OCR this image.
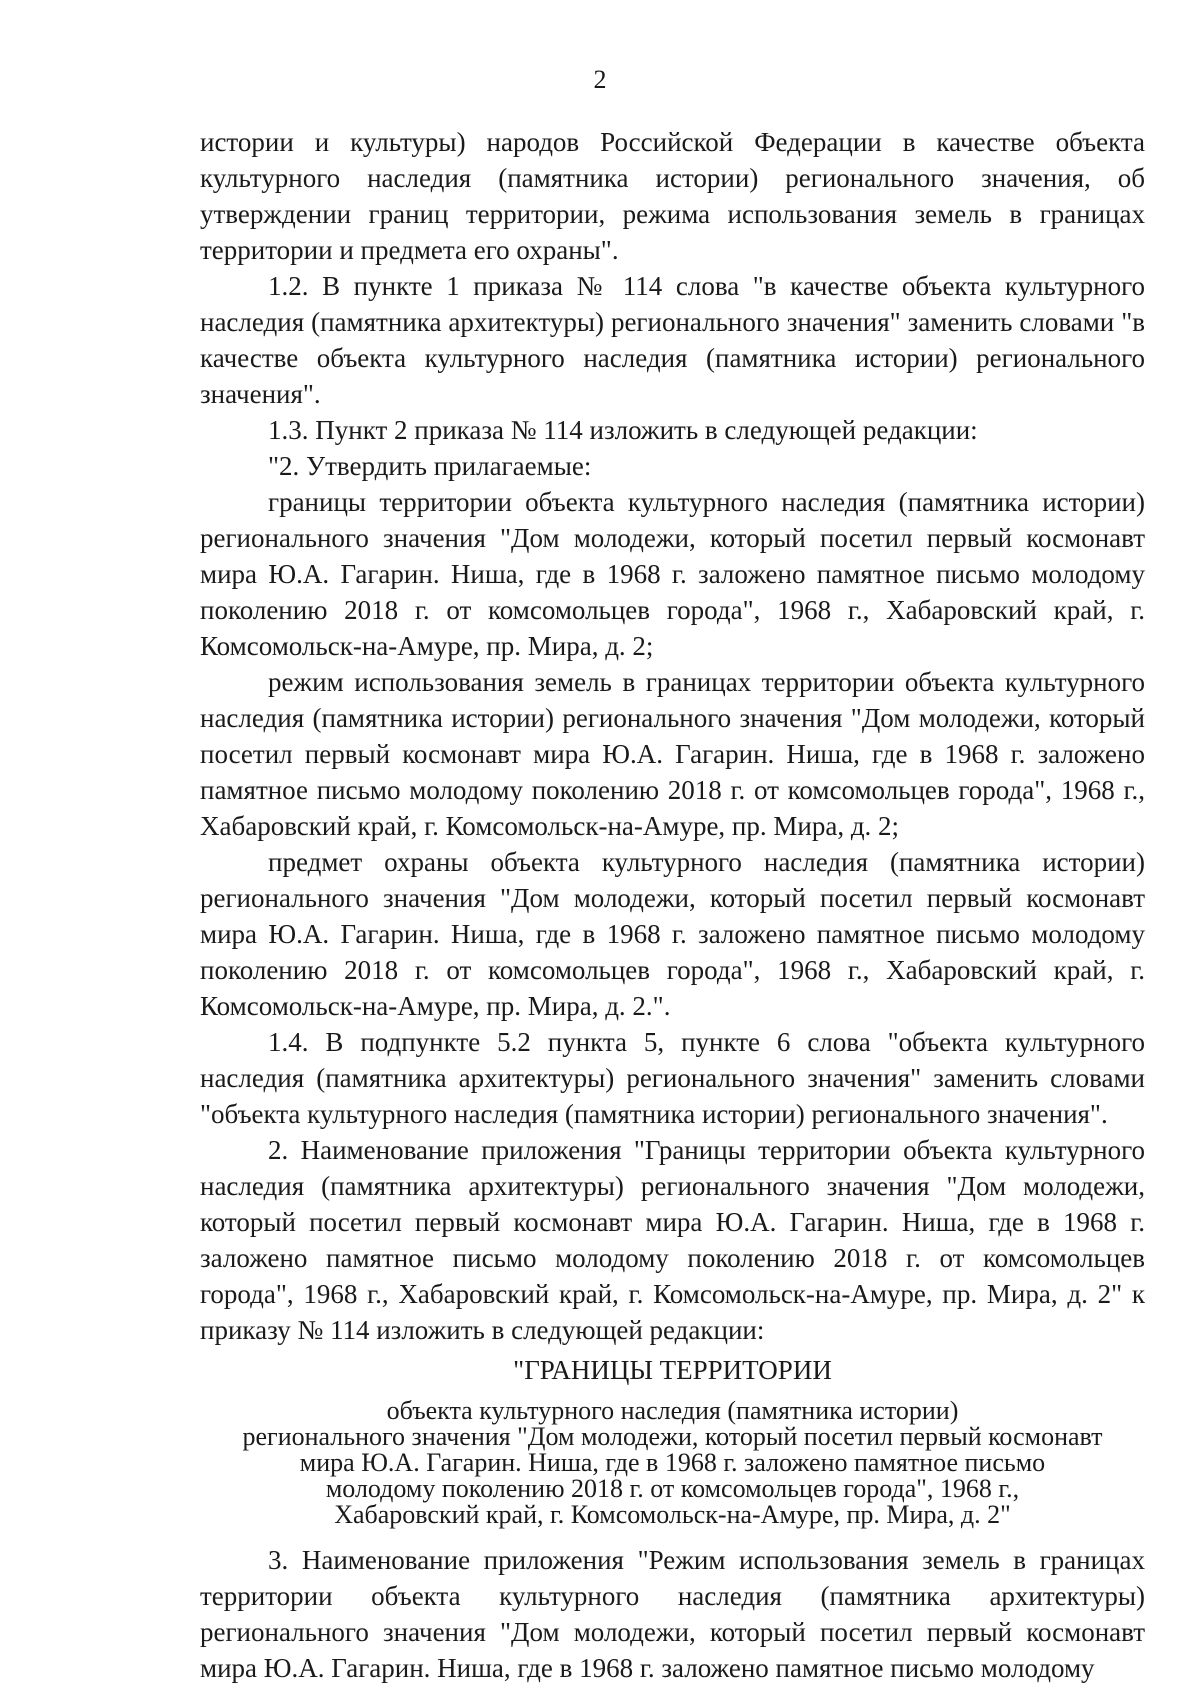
2

истории и культуры) народов Российской Федерации в качестве объекта культурного наследия (памятника истории) регионального значения, об утверждении границ территории, режима использования земель в границах территории и предмета его охраны".

1.2. В пункте 1 приказа № 114 слова "в качестве объекта культурного наследия (памятника архитектуры) регионального значения" заменить словами "в качестве объекта культурного наследия (памятника истории) регионального значения".

1.3. Пункт 2 приказа № 114 изложить в следующей редакции:

"2. Утвердить прилагаемые:

границы территории объекта культурного наследия (памятника истории) регионального значения "Дом молодежи, который посетил первый космонавт мира Ю.А. Гагарин. Ниша, где в 1968 г. заложено памятное письмо молодому поколению 2018 г. от комсомольцев города", 1968 г., Хабаровский край, г. Комсомольск-на-Амуре, пр. Мира, д. 2;

режим использования земель в границах территории объекта культурного наследия (памятника истории) регионального значения "Дом молодежи, который посетил первый космонавт мира Ю.А. Гагарин. Ниша, где в 1968 г. заложено памятное письмо молодому поколению 2018 г. от комсомольцев города", 1968 г., Хабаровский край, г. Комсомольск-на-Амуре, пр. Мира, д. 2;

предмет охраны объекта культурного наследия (памятника истории) регионального значения "Дом молодежи, который посетил первый космонавт мира Ю.А. Гагарин. Ниша, где в 1968 г. заложено памятное письмо молодому поколению 2018 г. от комсомольцев города", 1968 г., Хабаровский край, г. Комсомольск-на-Амуре, пр. Мира, д. 2.".

1.4. В подпункте 5.2 пункта 5, пункте 6 слова "объекта культурного наследия (памятника архитектуры) регионального значения" заменить словами "объекта культурного наследия (памятника истории) регионального значения".

2. Наименование приложения "Границы территории объекта культурного наследия (памятника архитектуры) регионального значения "Дом молодежи, который посетил первый космонавт мира Ю.А. Гагарин. Ниша, где в 1968 г. заложено памятное письмо молодому поколению 2018 г. от комсомольцев города", 1968 г., Хабаровский край, г. Комсомольск-на-Амуре, пр. Мира, д. 2" к приказу № 114 изложить в следующей редакции:

"ГРАНИЦЫ ТЕРРИТОРИИ
объекта культурного наследия (памятника истории)
регионального значения "Дом молодежи, который посетил первый космонавт
мира Ю.А. Гагарин. Ниша, где в 1968 г. заложено памятное письмо
молодому поколению 2018 г. от комсомольцев города", 1968 г.,
Хабаровский край, г. Комсомольск-на-Амуре, пр. Мира, д. 2"

3. Наименование приложения "Режим использования земель в границах территории объекта культурного наследия (памятника архитектуры) регионального значения "Дом молодежи, который посетил первый космонавт мира Ю.А. Гагарин. Ниша, где в 1968 г. заложено памятное письмо молодому
